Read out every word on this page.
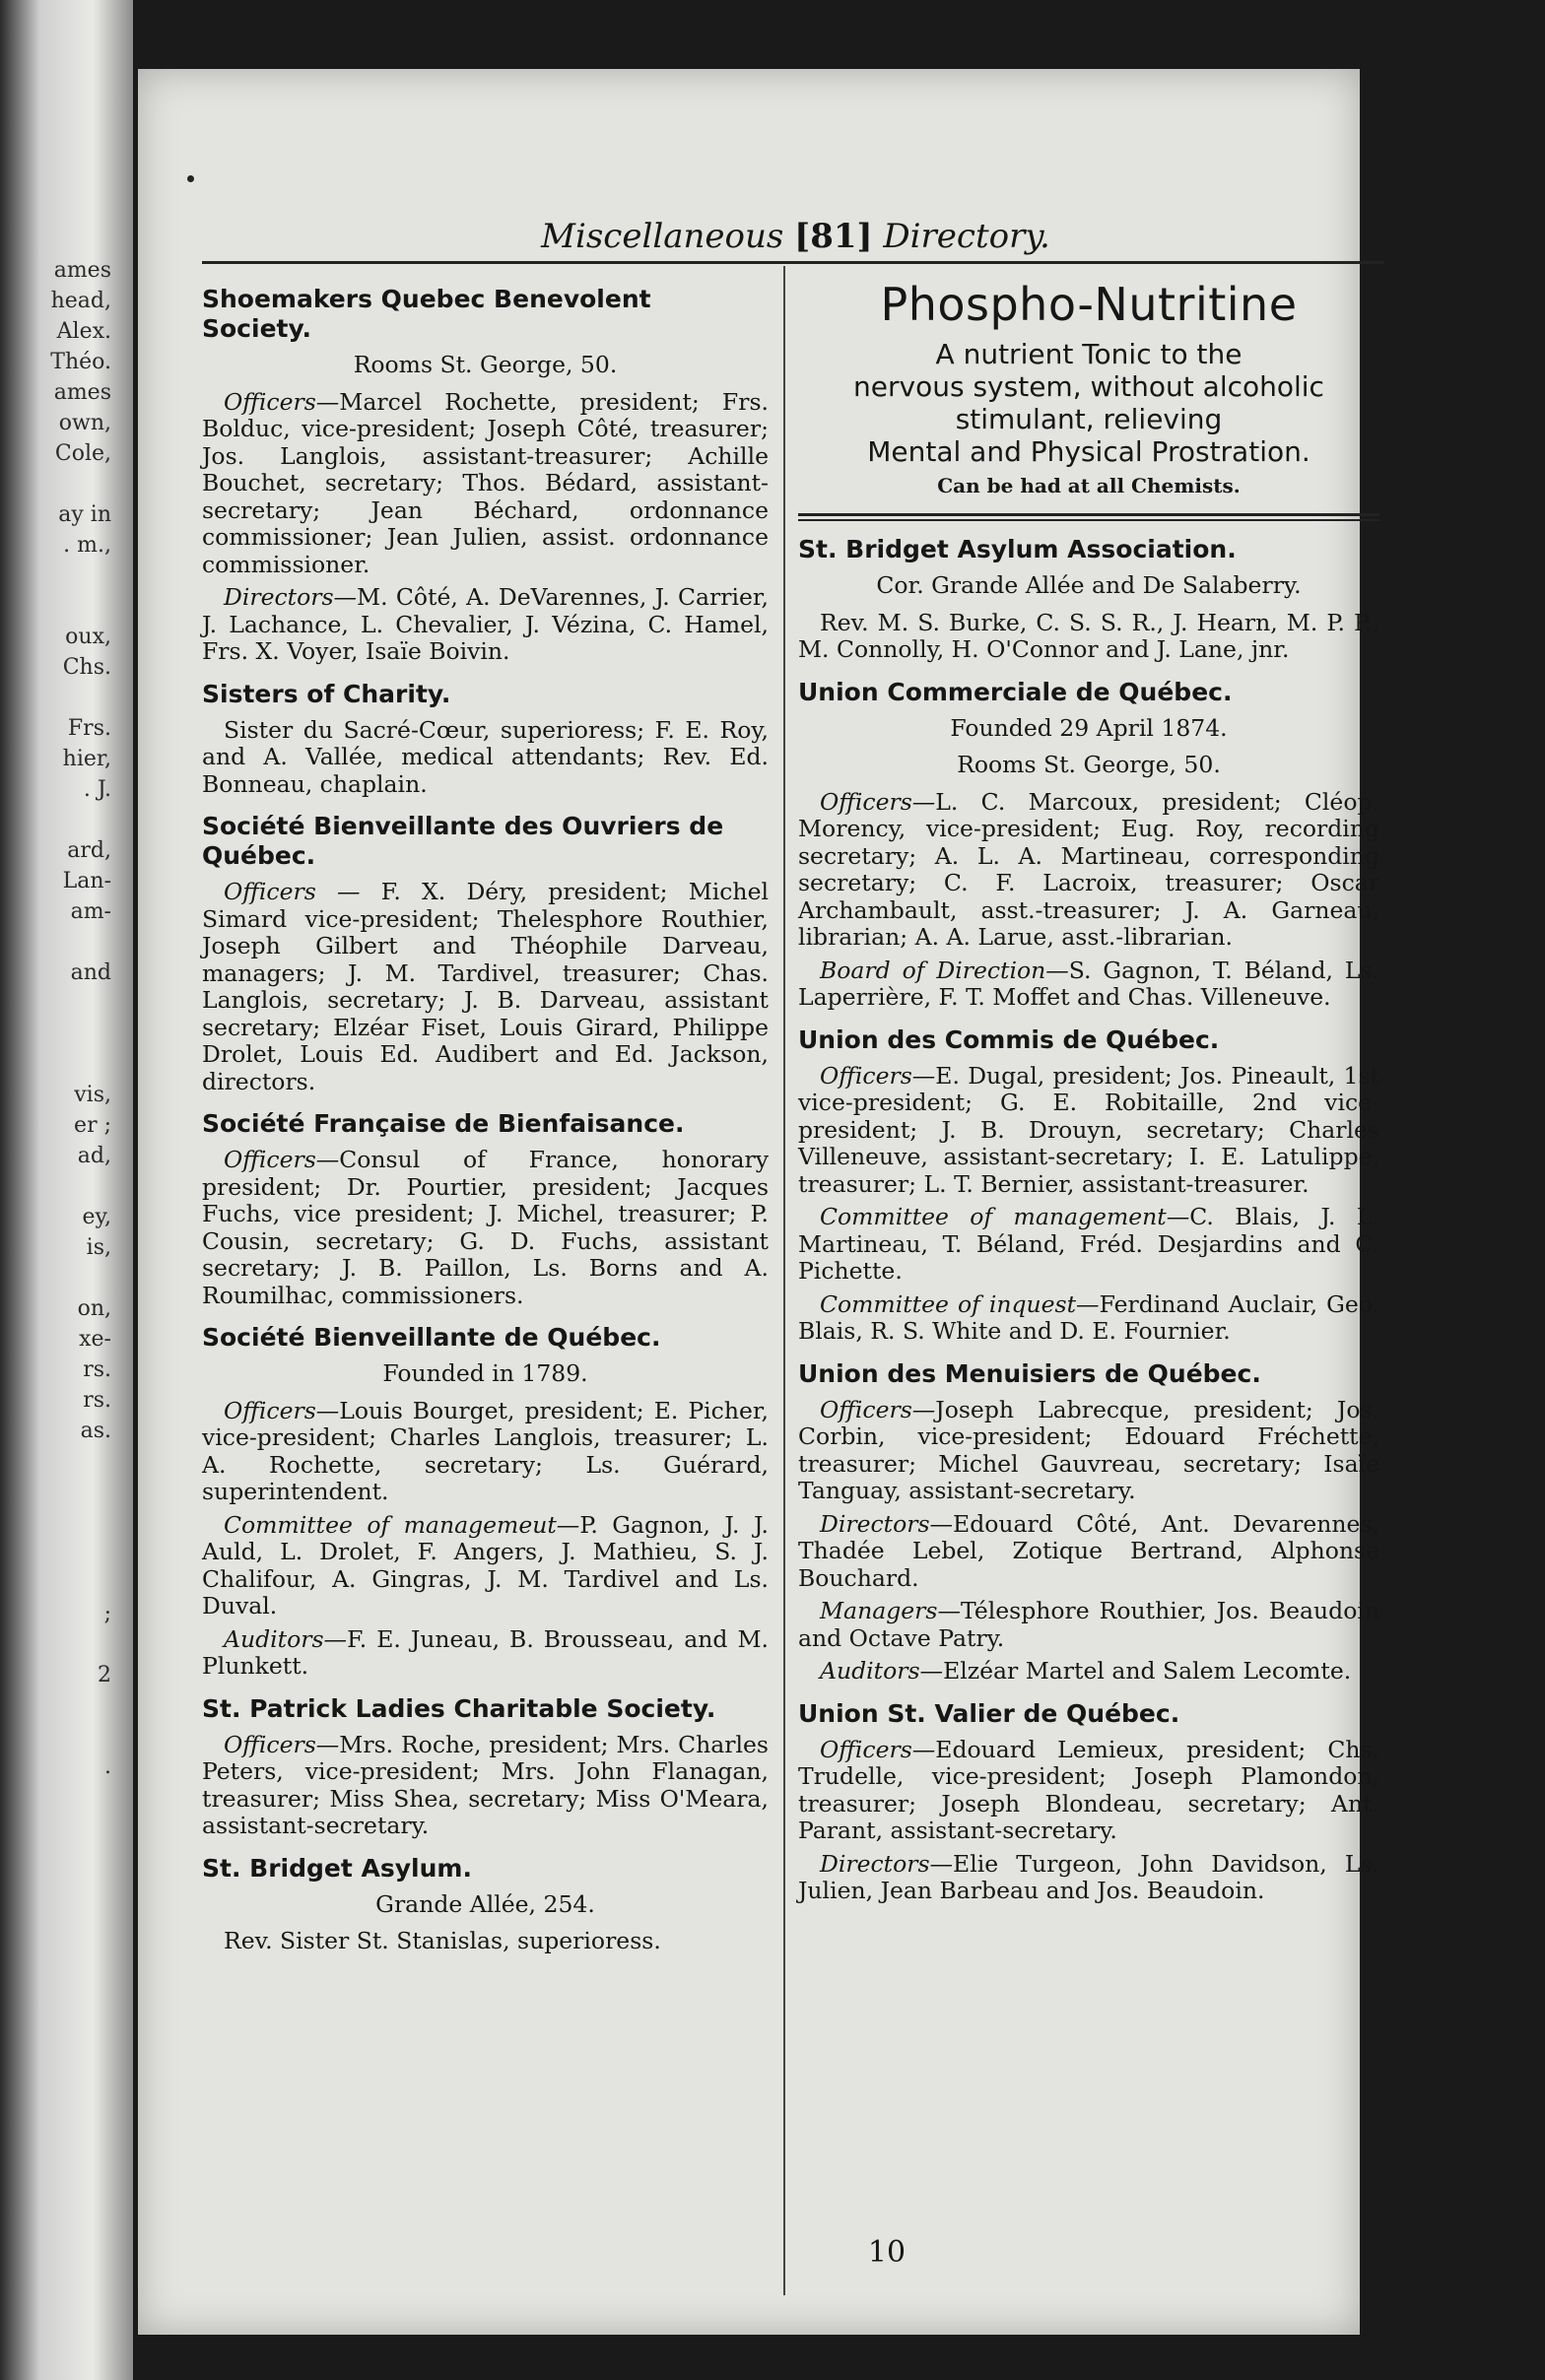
ames
head,
Alex.
Théo.
ames
own,
Cole,
ay in
. m.,
oux,
Chs.
Frs.
hier,
. J.
ard,
Lan-
am-
and
vis,
er ;
ad,
ey,
is,
on,
xe-
rs.
rs.
as.
;
2
.
Miscellaneous [81] Directory.
Shoemakers Quebec Benevolent Society.
Rooms St. George, 50.
Officers—Marcel Rochette, president; Frs. Bolduc, vice-president; Joseph Côté, treasurer; Jos. Langlois, assistant-treasurer; Achille Bouchet, secretary; Thos. Bédard, assistant-secretary; Jean Béchard, ordonnance commissioner; Jean Julien, assist. ordonnance commissioner.
Directors—M. Côté, A. DeVarennes, J. Carrier, J. Lachance, L. Chevalier, J. Vézina, C. Hamel, Frs. X. Voyer, Isaïe Boivin.
Sisters of Charity.
Sister du Sacré-Cœur, superioress; F. E. Roy, and A. Vallée, medical attendants; Rev. Ed. Bonneau, chaplain.
Société Bienveillante des Ouvriers de Québec.
Officers — F. X. Déry, president; Michel Simard vice-president; Thelesphore Routhier, Joseph Gilbert and Théophile Darveau, managers; J. M. Tardivel, treasurer; Chas. Langlois, secretary; J. B. Darveau, assistant secretary; Elzéar Fiset, Louis Girard, Philippe Drolet, Louis Ed. Audibert and Ed. Jackson, directors.
Société Française de Bienfaisance.
Officers—Consul of France, honorary president; Dr. Pourtier, president; Jacques Fuchs, vice president; J. Michel, treasurer; P. Cousin, secretary; G. D. Fuchs, assistant secretary; J. B. Paillon, Ls. Borns and A. Roumilhac, commissioners.
Société Bienveillante de Québec.
Founded in 1789.
Officers—Louis Bourget, president; E. Picher, vice-president; Charles Langlois, treasurer; L. A. Rochette, secretary; Ls. Guérard, superintendent.
Committee of managemeut—P. Gagnon, J. J. Auld, L. Drolet, F. Angers, J. Mathieu, S. J. Chalifour, A. Gingras, J. M. Tardivel and Ls. Duval.
Auditors—F. E. Juneau, B. Brousseau, and M. Plunkett.
St. Patrick Ladies Charitable Society.
Officers—Mrs. Roche, president; Mrs. Charles Peters, vice-president; Mrs. John Flanagan, treasurer; Miss Shea, secretary; Miss O'Meara, assistant-secretary.
St. Bridget Asylum.
Grande Allée, 254.
Rev. Sister St. Stanislas, superioress.
Phospho-Nutritine
A nutrient Tonic to the
nervous system, without alcoholic
stimulant, relieving
Mental and Physical Prostration.
Can be had at all Chemists.
St. Bridget Asylum Association.
Cor. Grande Allée and De Salaberry.
Rev. M. S. Burke, C. S. S. R., J. Hearn, M. P. P., M. Connolly, H. O'Connor and J. Lane, jnr.
Union Commerciale de Québec.
Founded 29 April 1874.
Rooms St. George, 50.
Officers—L. C. Marcoux, president; Cléop. Morency, vice-president; Eug. Roy, recording secretary; A. L. A. Martineau, corresponding secretary; C. F. Lacroix, treasurer; Oscar Archambault, asst.-treasurer; J. A. Garneau, librarian; A. A. Larue, asst.-librarian.
Board of Direction—S. Gagnon, T. Béland, Ls. Laperrière, F. T. Moffet and Chas. Villeneuve.
Union des Commis de Québec.
Officers—E. Dugal, president; Jos. Pineault, 1st vice-president; G. E. Robitaille, 2nd vice-president; J. B. Drouyn, secretary; Charles Villeneuve, assistant-secretary; I. E. Latulippe, treasurer; L. T. Bernier, assistant-treasurer.
Committee of management—C. Blais, J. L. Martineau, T. Béland, Fréd. Desjardins and C. Pichette.
Committee of inquest—Ferdinand Auclair, Geo. Blais, R. S. White and D. E. Fournier.
Union des Menuisiers de Québec.
Officers—Joseph Labrecque, president; Jos. Corbin, vice-president; Edouard Fréchette, treasurer; Michel Gauvreau, secretary; Isaïe Tanguay, assistant-secretary.
Directors—Edouard Côté, Ant. Devarennes, Thadée Lebel, Zotique Bertrand, Alphonse Bouchard.
Managers—Télesphore Routhier, Jos. Beaudoin and Octave Patry.
Auditors—Elzéar Martel and Salem Lecomte.
Union St. Valier de Québec.
Officers—Edouard Lemieux, president; Chs. Trudelle, vice-president; Joseph Plamondon, treasurer; Joseph Blondeau, secretary; Ant. Parant, assistant-secretary.
Directors—Elie Turgeon, John Davidson, Ls. Julien, Jean Barbeau and Jos. Beaudoin.
10
